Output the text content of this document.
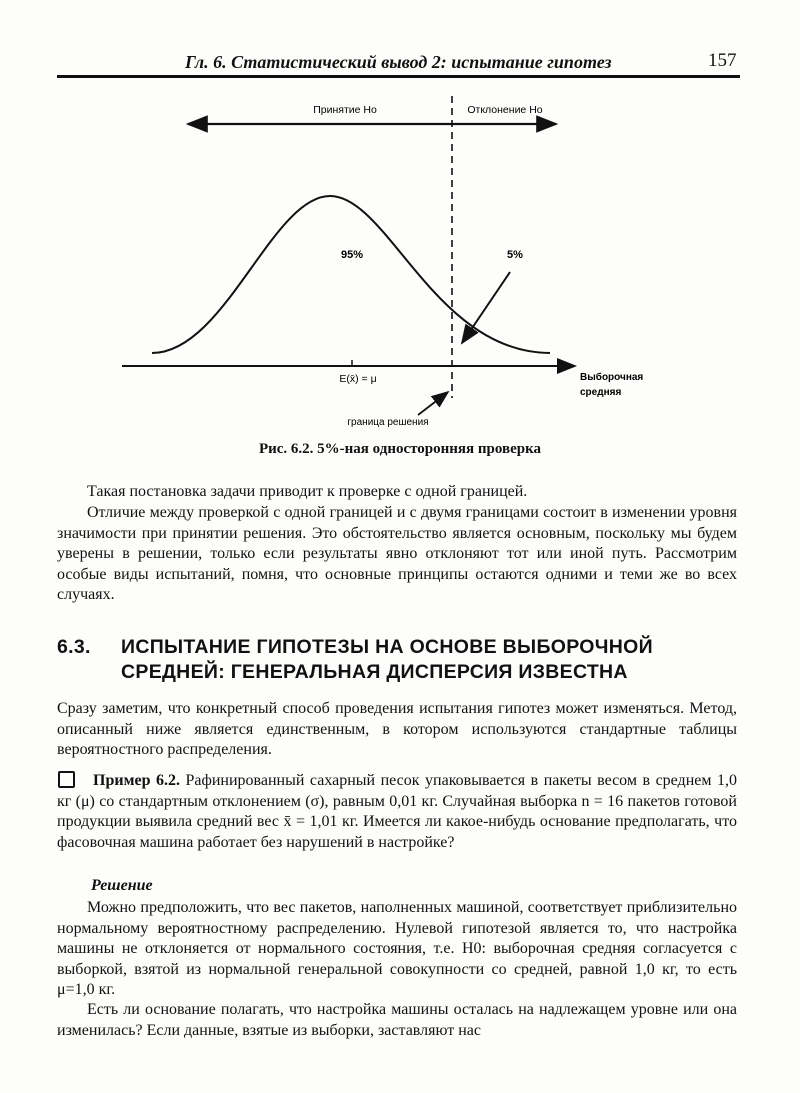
Гл. 6. Статистический вывод 2: испытание гипотез	157
Принятие Ho	Отклонение Ho
95%	5%
E(x̄) = μ	Выборочная
средняя
граница решения
Рис. 6.2. 5%-ная односторонняя проверка

Такая постановка задачи приводит к проверке с одной границей.

Отличие между проверкой с одной границей и с двумя границами состоит в изменении уровня значимости при принятии решения. Это обстоятельство является основным, поскольку мы будем уверены в решении, только если результаты явно отклоняют тот или иной путь. Рассмотрим особые виды испытаний, помня, что основные принципы остаются одними и теми же во всех случаях.

6.3. ИСПЫТАНИЕ ГИПОТЕЗЫ НА ОСНОВЕ ВЫБОРОЧНОЙ
СРЕДНЕЙ: ГЕНЕРАЛЬНАЯ ДИСПЕРСИЯ ИЗВЕСТНА

Сразу заметим, что конкретный способ проведения испытания гипотез может изменяться. Метод, описанный ниже является единственным, в котором используются стандартные таблицы вероятностного распределения.

Пример 6.2. Рафинированный сахарный песок упаковывается в пакеты весом в среднем 1,0 кг (μ) со стандартным отклонением (σ), равным 0,01 кг. Случайная выборка n = 16 пакетов готовой продукции выявила средний вес x̄ = 1,01 кг. Имеется ли какое-нибудь основание предполагать, что фасовочная машина работает без нарушений в настройке?

Решение

Можно предположить, что вес пакетов, наполненных машиной, соответствует приблизительно нормальному вероятностному распределению. Нулевой гипотезой является то, что настройка машины не отклоняется от нормального состояния, т.е. H0: выборочная средняя согласуется с выборкой, взятой из нормальной генеральной совокупности со средней, равной 1,0 кг, то есть μ=1,0 кг.

Есть ли основание полагать, что настройка машины осталась на надлежащем уровне или она изменилась? Если данные, взятые из выборки, заставляют нас
